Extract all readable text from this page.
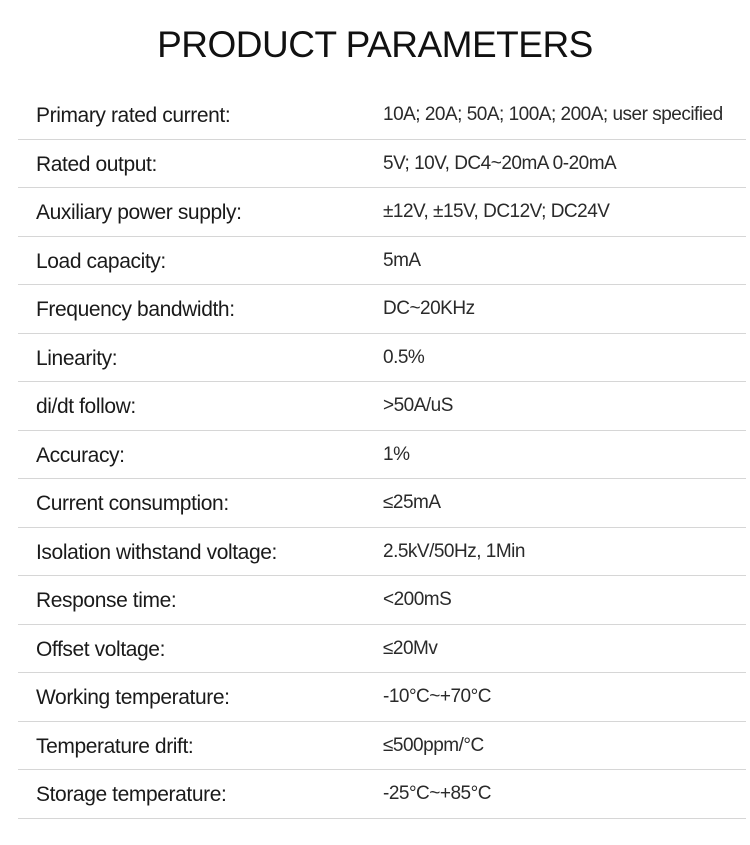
PRODUCT PARAMETERS
Primary rated current:	10A; 20A; 50A; 100A; 200A; user specified
Rated output:	5V; 10V, DC4~20mA 0-20mA
Auxiliary power supply:	±12V, ±15V, DC12V; DC24V
Load capacity:	5mA
Frequency bandwidth:	DC~20KHz
Linearity:	0.5%
di/dt follow:	>50A/uS
Accuracy:	1%
Current consumption:	≤25mA
Isolation withstand voltage:	2.5kV/50Hz, 1Min
Response time:	<200mS
Offset voltage:	≤20Mv
Working temperature:	-10°C~+70°C
Temperature drift:	≤500ppm/°C
Storage temperature:	-25°C~+85°C
